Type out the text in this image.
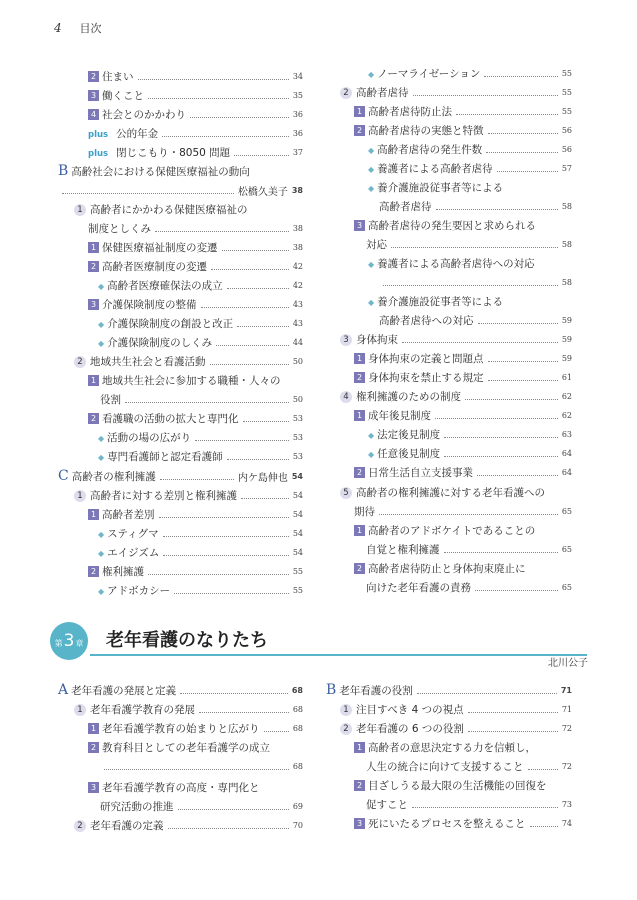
4 目次
2 住まい	34
3 働くこと	35
4 社会とのかかわり	36
plus 公的年金	36
plus 閉じこもり・8050 問題	37
B 高齢社会における保健医療福祉の動向
松橋久美子 38
1 高齢者にかかわる保健医療福祉の
制度としくみ	38
1 保健医療福祉制度の変遷	38
2 高齢者医療制度の変遷	42
◆ 高齢者医療確保法の成立	42
3 介護保険制度の整備	43
◆ 介護保険制度の創設と改正	43
◆ 介護保険制度のしくみ	44
2 地域共生社会と看護活動	50
1 地域共生社会に参加する職種・人々の
役割	50
2 看護職の活動の拡大と専門化	53
◆ 活動の場の広がり	53
◆ 専門看護師と認定看護師	53
C 高齢者の権利擁護	内ケ島伸也 54
1 高齢者に対する差別と権利擁護	54
1 高齢者差別	54
◆ スティグマ	54
◆ エイジズム	54
2 権利擁護	55
◆ アドボカシー	55
◆ ノーマライゼーション	55
2 高齢者虐待	55
1 高齢者虐待防止法	55
2 高齢者虐待の実態と特徴	56
◆ 高齢者虐待の発生件数	56
◆ 養護者による高齢者虐待	57
◆ 養介護施設従事者等による
高齢者虐待	58
3 高齢者虐待の発生要因と求められる
対応	58
◆ 養護者による高齢者虐待への対応
58
◆ 養介護施設従事者等による
高齢者虐待への対応	59
3 身体拘束	59
1 身体拘束の定義と問題点	59
2 身体拘束を禁止する規定	61
4 権利擁護のための制度	62
1 成年後見制度	62
◆ 法定後見制度	63
◆ 任意後見制度	64
2 日常生活自立支援事業	64
5 高齢者の権利擁護に対する老年看護への
期待	65
1 高齢者のアドボケイトであることの
自覚と権利擁護	65
2 高齢者虐待防止と身体拘束廃止に
向けた老年看護の責務	65
第3章 老年看護のなりたち
北川公子
A 老年看護の発展と定義	68
1 老年看護学教育の発展	68
1 老年看護学教育の始まりと広がり	68
2 教育科目としての老年看護学の成立
68
3 老年看護学教育の高度・専門化と
研究活動の推進	69
2 老年看護の定義	70
B 老年看護の役割	71
1 注目すべき 4 つの視点	71
2 老年看護の 6 つの役割	72
1 高齢者の意思決定する力を信頼し，
人生の統合に向けて支援すること	72
2 目ざしうる最大限の生活機能の回復を
促すこと	73
3 死にいたるプロセスを整えること	74
